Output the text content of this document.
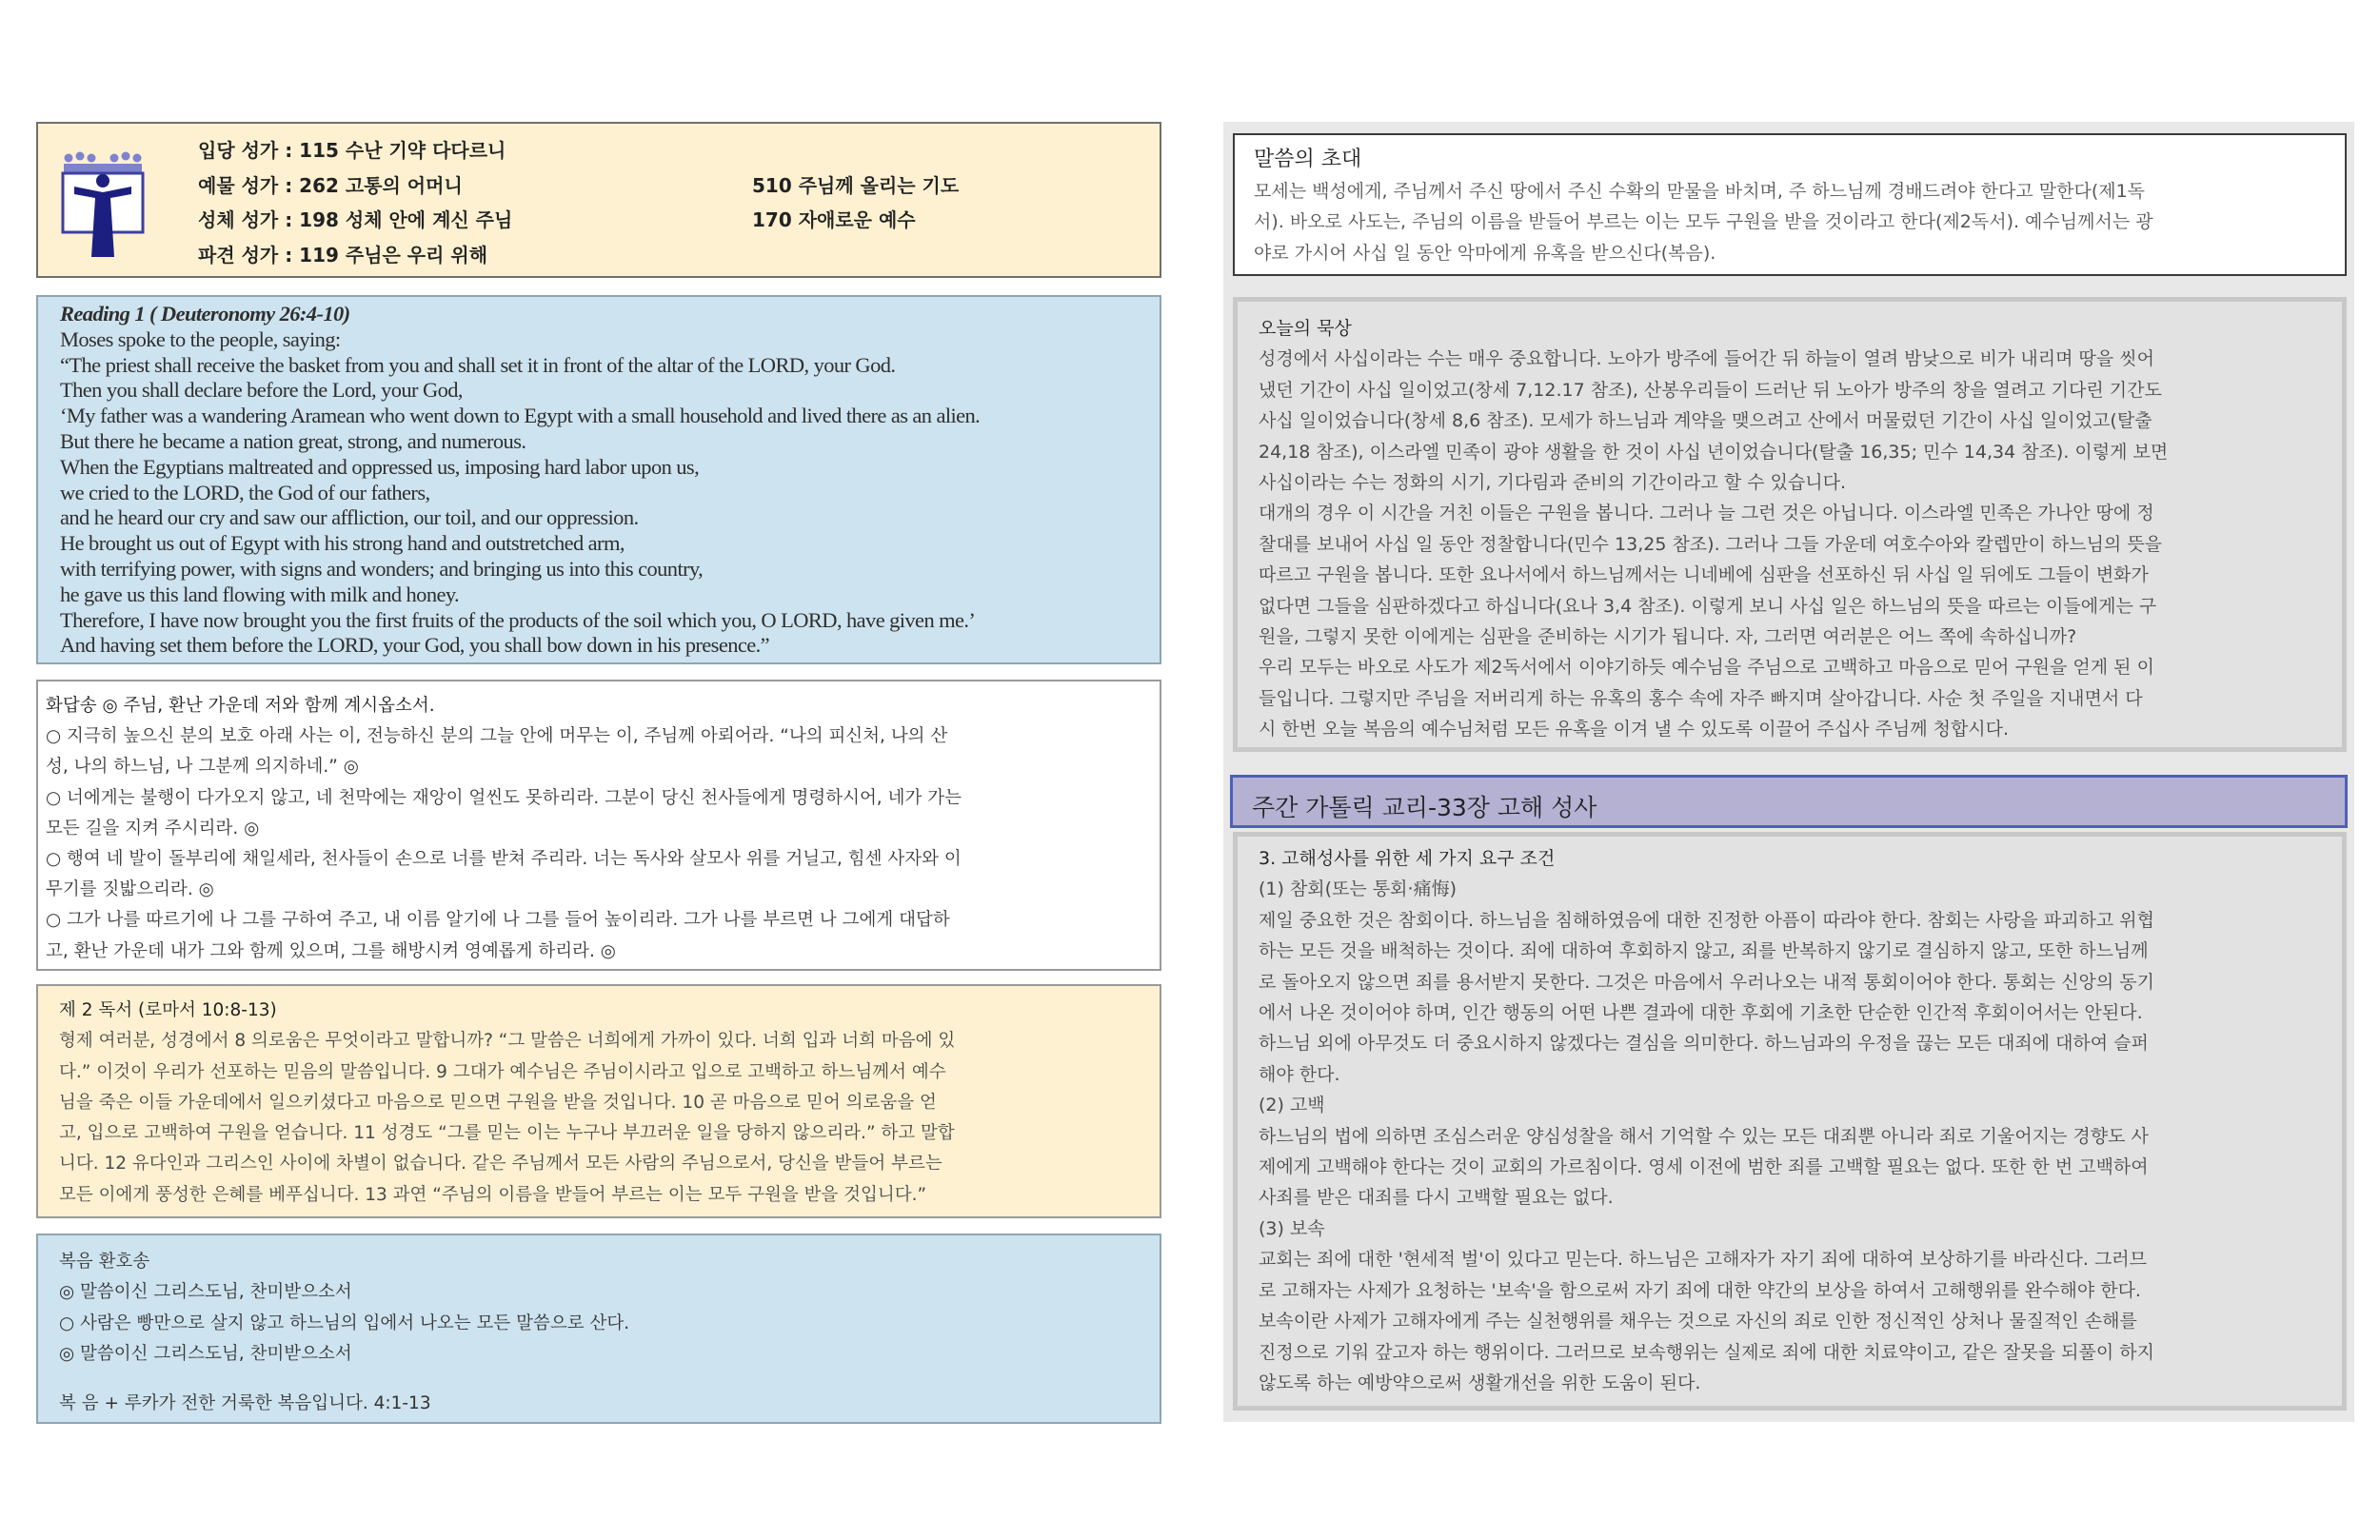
입당 성가 : 115 수난 기약 다다르니
예물 성가 : 262 고통의 어머니
성체 성가 : 198 성체 안에 계신 주님
파견 성가 : 119 주님은 우리 위해
510 주님께 올리는 기도
170 자애로운 예수
Reading 1 ( Deuteronomy 26:4-10)
Moses spoke to the people, saying:
“The priest shall receive the basket from you and shall set it in front of the altar of the LORD, your God.
Then you shall declare before the Lord, your God,
‘My father was a wandering Aramean who went down to Egypt with a small household and lived there as an alien.
But there he became a nation great, strong, and numerous.
When the Egyptians maltreated and oppressed us, imposing hard labor upon us,
we cried to the LORD, the God of our fathers,
and he heard our cry and saw our affliction, our toil, and our oppression.
He brought us out of Egypt with his strong hand and outstretched arm,
with terrifying power, with signs and wonders; and bringing us into this country,
he gave us this land flowing with milk and honey.
Therefore, I have now brought you the first fruits of the products of the soil which you, O LORD, have given me.’
And having set them before the LORD, your God, you shall bow down in his presence.”
화답송 ◎ 주님, 환난 가운데 저와 함께 계시옵소서.
○ 지극히 높으신 분의 보호 아래 사는 이, 전능하신 분의 그늘 안에 머무는 이, 주님께 아뢰어라. “나의 피신처, 나의 산
성, 나의 하느님, 나 그분께 의지하네.” ◎
○ 너에게는 불행이 다가오지 않고, 네 천막에는 재앙이 얼씬도 못하리라. 그분이 당신 천사들에게 명령하시어, 네가 가는
모든 길을 지켜 주시리라. ◎
○ 행여 네 발이 돌부리에 채일세라, 천사들이 손으로 너를 받쳐 주리라. 너는 독사와 살모사 위를 거닐고, 힘센 사자와 이
무기를 짓밟으리라. ◎
○ 그가 나를 따르기에 나 그를 구하여 주고, 내 이름 알기에 나 그를 들어 높이리라. 그가 나를 부르면 나 그에게 대답하
고, 환난 가운데 내가 그와 함께 있으며, 그를 해방시켜 영예롭게 하리라. ◎
제 2 독서 (로마서 10:8-13)
형제 여러분, 성경에서 8 의로움은 무엇이라고 말합니까? “그 말씀은 너희에게 가까이 있다. 너희 입과 너희 마음에 있
다.” 이것이 우리가 선포하는 믿음의 말씀입니다. 9 그대가 예수님은 주님이시라고 입으로 고백하고 하느님께서 예수
님을 죽은 이들 가운데에서 일으키셨다고 마음으로 믿으면 구원을 받을 것입니다. 10 곧 마음으로 믿어 의로움을 얻
고, 입으로 고백하여 구원을 얻습니다. 11 성경도 “그를 믿는 이는 누구나 부끄러운 일을 당하지 않으리라.” 하고 말합
니다. 12 유다인과 그리스인 사이에 차별이 없습니다. 같은 주님께서 모든 사람의 주님으로서, 당신을 받들어 부르는
모든 이에게 풍성한 은혜를 베푸십니다. 13 과연 “주님의 이름을 받들어 부르는 이는 모두 구원을 받을 것입니다.”
복음 환호송
◎ 말씀이신 그리스도님, 찬미받으소서
○ 사람은 빵만으로 살지 않고 하느님의 입에서 나오는 모든 말씀으로 산다.
◎ 말씀이신 그리스도님, 찬미받으소서
복 음 + 루카가 전한 거룩한 복음입니다. 4:1-13
말씀의 초대
모세는 백성에게, 주님께서 주신 땅에서 주신 수확의 맏물을 바치며, 주 하느님께 경배드려야 한다고 말한다(제1독
서). 바오로 사도는, 주님의 이름을 받들어 부르는 이는 모두 구원을 받을 것이라고 한다(제2독서). 예수님께서는 광
야로 가시어 사십 일 동안 악마에게 유혹을 받으신다(복음).
오늘의 묵상
성경에서 사십이라는 수는 매우 중요합니다. 노아가 방주에 들어간 뒤 하늘이 열려 밤낮으로 비가 내리며 땅을 씻어
냈던 기간이 사십 일이었고(창세 7,12.17 참조), 산봉우리들이 드러난 뒤 노아가 방주의 창을 열려고 기다린 기간도
사십 일이었습니다(창세 8,6 참조). 모세가 하느님과 계약을 맺으려고 산에서 머물렀던 기간이 사십 일이었고(탈출
24,18 참조), 이스라엘 민족이 광야 생활을 한 것이 사십 년이었습니다(탈출 16,35; 민수 14,34 참조). 이렇게 보면
사십이라는 수는 정화의 시기, 기다림과 준비의 기간이라고 할 수 있습니다.
대개의 경우 이 시간을 거친 이들은 구원을 봅니다. 그러나 늘 그런 것은 아닙니다. 이스라엘 민족은 가나안 땅에 정
찰대를 보내어 사십 일 동안 정찰합니다(민수 13,25 참조). 그러나 그들 가운데 여호수아와 칼렙만이 하느님의 뜻을
따르고 구원을 봅니다. 또한 요나서에서 하느님께서는 니네베에 심판을 선포하신 뒤 사십 일 뒤에도 그들이 변화가
없다면 그들을 심판하겠다고 하십니다(요나 3,4 참조). 이렇게 보니 사십 일은 하느님의 뜻을 따르는 이들에게는 구
원을, 그렇지 못한 이에게는 심판을 준비하는 시기가 됩니다. 자, 그러면 여러분은 어느 쪽에 속하십니까?
우리 모두는 바오로 사도가 제2독서에서 이야기하듯 예수님을 주님으로 고백하고 마음으로 믿어 구원을 얻게 된 이
들입니다. 그렇지만 주님을 저버리게 하는 유혹의 홍수 속에 자주 빠지며 살아갑니다. 사순 첫 주일을 지내면서 다
시 한번 오늘 복음의 예수님처럼 모든 유혹을 이겨 낼 수 있도록 이끌어 주십사 주님께 청합시다.
주간 가톨릭 교리-33장 고해 성사
3. 고해성사를 위한 세 가지 요구 조건
(1) 참회(또는 통회·痛悔)
제일 중요한 것은 참회이다. 하느님을 침해하였음에 대한 진정한 아픔이 따라야 한다. 참회는 사랑을 파괴하고 위협
하는 모든 것을 배척하는 것이다. 죄에 대하여 후회하지 않고, 죄를 반복하지 않기로 결심하지 않고, 또한 하느님께
로 돌아오지 않으면 죄를 용서받지 못한다. 그것은 마음에서 우러나오는 내적 통회이어야 한다. 통회는 신앙의 동기
에서 나온 것이어야 하며, 인간 행동의 어떤 나쁜 결과에 대한 후회에 기초한 단순한 인간적 후회이어서는 안된다.
하느님 외에 아무것도 더 중요시하지 않겠다는 결심을 의미한다. 하느님과의 우정을 끊는 모든 대죄에 대하여 슬퍼
해야 한다.
(2) 고백
하느님의 법에 의하면 조심스러운 양심성찰을 해서 기억할 수 있는 모든 대죄뿐 아니라 죄로 기울어지는 경향도 사
제에게 고백해야 한다는 것이 교회의 가르침이다. 영세 이전에 범한 죄를 고백할 필요는 없다. 또한 한 번 고백하여
사죄를 받은 대죄를 다시 고백할 필요는 없다.
(3) 보속
교회는 죄에 대한 '현세적 벌'이 있다고 믿는다. 하느님은 고해자가 자기 죄에 대하여 보상하기를 바라신다. 그러므
로 고해자는 사제가 요청하는 '보속'을 함으로써 자기 죄에 대한 약간의 보상을 하여서 고해행위를 완수해야 한다.
보속이란 사제가 고해자에게 주는 실천행위를 채우는 것으로 자신의 죄로 인한 정신적인 상처나 물질적인 손해를
진정으로 기워 갚고자 하는 행위이다. 그러므로 보속행위는 실제로 죄에 대한 치료약이고, 같은 잘못을 되풀이 하지
않도록 하는 예방약으로써 생활개선을 위한 도움이 된다.
